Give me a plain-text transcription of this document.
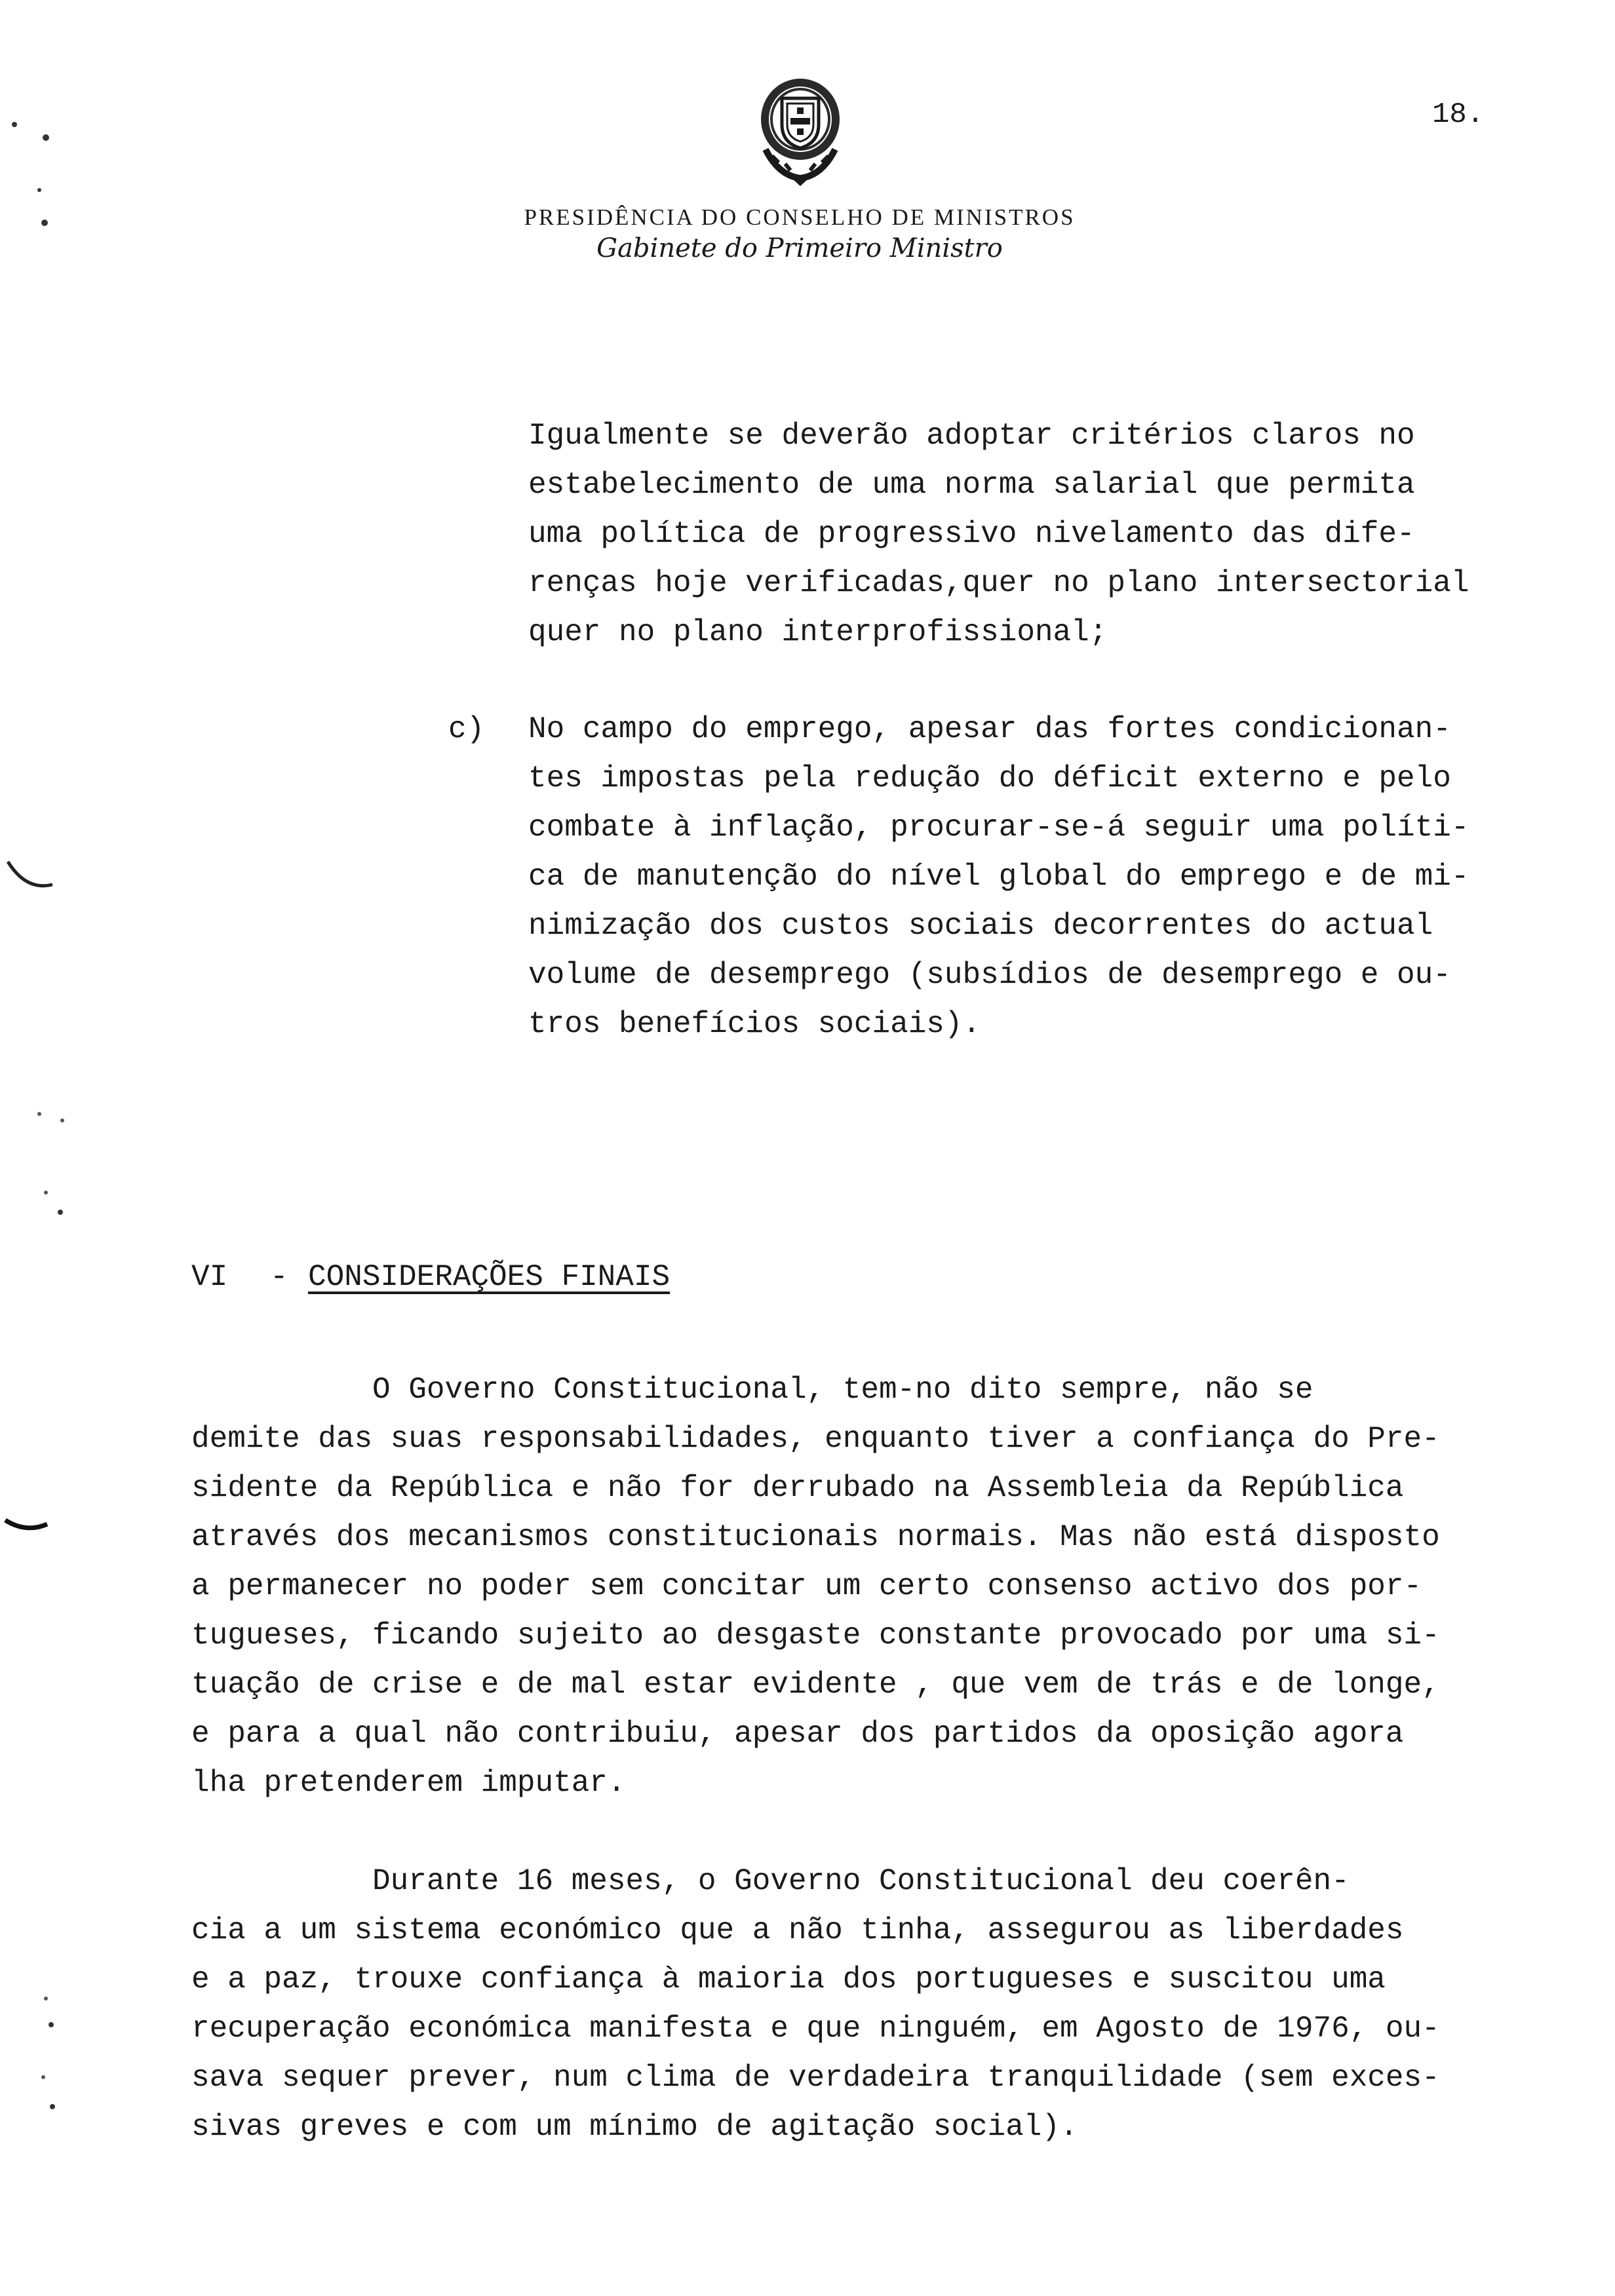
18.
PRESIDÊNCIA DO CONSELHO DE MINISTROS
Gabinete do Primeiro Ministro
Igualmente se deverão adoptar critérios claros no
estabelecimento de uma norma salarial que permita
uma política de progressivo nivelamento das dife-
renças hoje verificadas,quer no plano intersectorial
quer no plano interprofissional;
c) No campo do emprego, apesar das fortes condicionan-
tes impostas pela redução do déficit externo e pelo
combate à inflação, procurar-se-á seguir uma políti-
ca de manutenção do nível global do emprego e de mi-
nimização dos custos sociais decorrentes do actual
volume de desemprego (subsídios de desemprego e ou-
tros benefícios sociais).
VI - CONSIDERAÇÕES FINAIS
O Governo Constitucional, tem-no dito sempre, não se
demite das suas responsabilidades, enquanto tiver a confiança do Pre-
sidente da República e não for derrubado na Assembleia da República
através dos mecanismos constitucionais normais. Mas não está disposto
a permanecer no poder sem concitar um certo consenso activo dos por-
tugueses, ficando sujeito ao desgaste constante provocado por uma si-
tuação de crise e de mal estar evidente , que vem de trás e de longe,
e para a qual não contribuiu, apesar dos partidos da oposição agora
lha pretenderem imputar.
Durante 16 meses, o Governo Constitucional deu coerên-
cia a um sistema económico que a não tinha, assegurou as liberdades
e a paz, trouxe confiança à maioria dos portugueses e suscitou uma
recuperação económica manifesta e que ninguém, em Agosto de 1976, ou-
sava sequer prever, num clima de verdadeira tranquilidade (sem exces-
sivas greves e com um mínimo de agitação social).
